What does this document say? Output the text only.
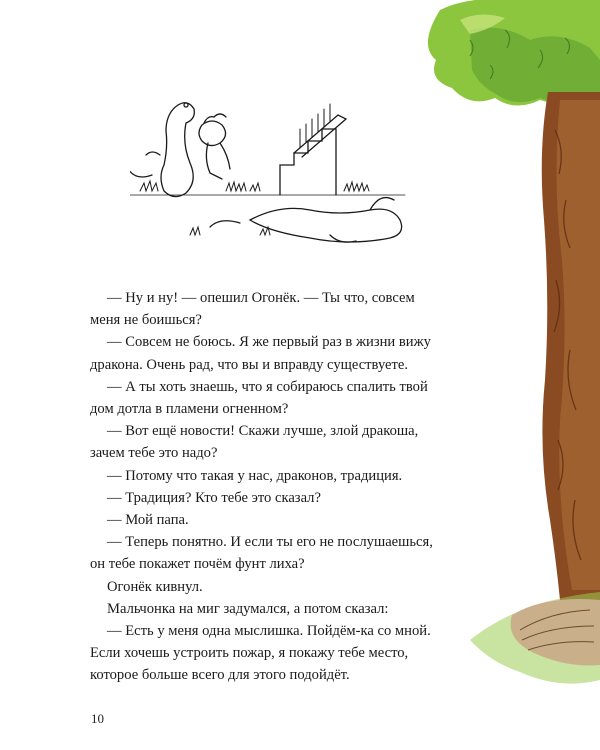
— Ну и ну! — опешил Огонёк. — Ты что, совсем
меня не боишься?

— Совсем не боюсь. Я же первый раз в жизни вижу
дракона. Очень рад, что вы и вправду существуете.

— А ты хоть знаешь, что я собираюсь спалить твой
дом дотла в пламени огненном?

— Вот ещё новости! Скажи лучше, злой дракоша,
зачем тебе это надо?

— Потому что такая у нас, драконов, традиция.

— Традиция? Кто тебе это сказал?

— Мой папа.

— Теперь понятно. И если ты его не послушаешься,
он тебе покажет почём фунт лиха?

Огонёк кивнул.

Мальчонка на миг задумался, а потом сказал:

— Есть у меня одна мыслишка. Пойдём-ка со мной.
Если хочешь устроить пожар, я покажу тебе место,
которое больше всего для этого подойдёт.

10
